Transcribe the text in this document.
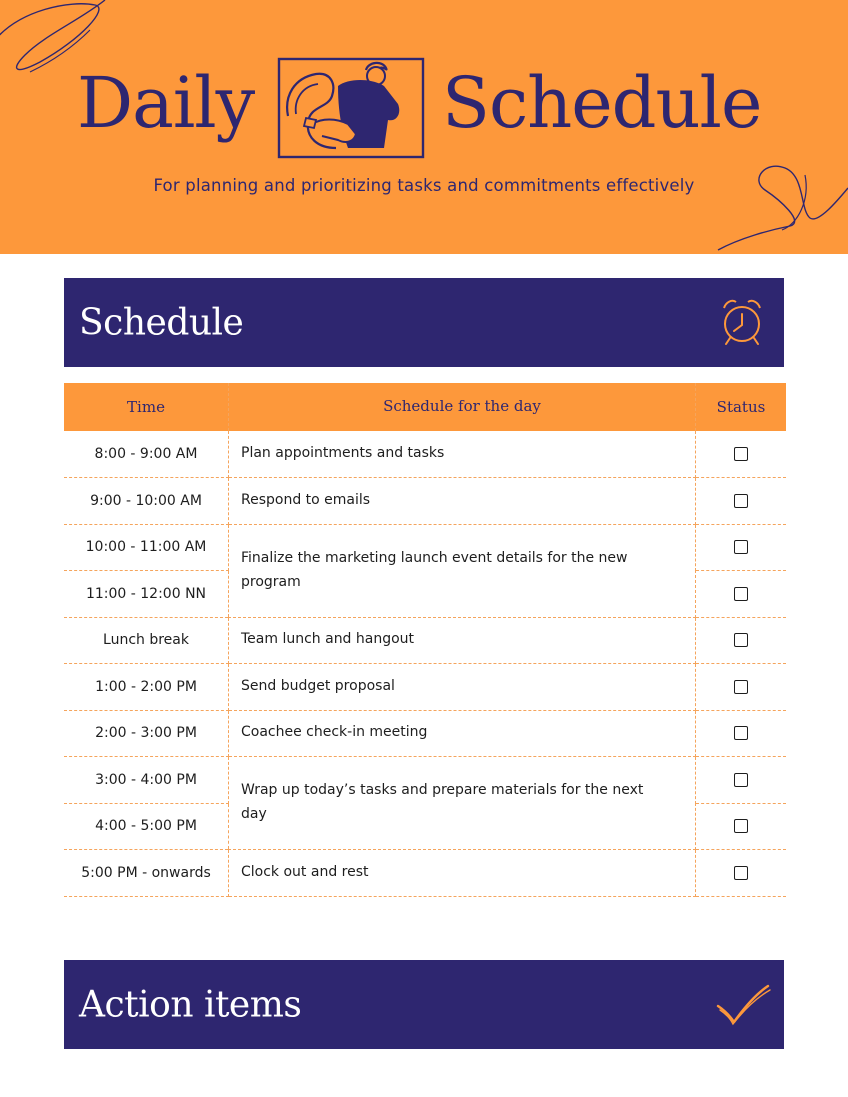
Daily	Schedule
For planning and prioritizing tasks and commitments effectively
Schedule
Time	Schedule for the day	Status
8:00 - 9:00 AM	Plan appointments and tasks	
9:00 - 10:00 AM	Respond to emails	
10:00 - 11:00 AM	Finalize the marketing launch event details for the new program	
11:00 - 12:00 NN		
Lunch break	Team lunch and hangout	
1:00 - 2:00 PM	Send budget proposal	
2:00 - 3:00 PM	Coachee check-in meeting	
3:00 - 4:00 PM	Wrap up today’s tasks and prepare materials for the next day	
4:00 - 5:00 PM		
5:00 PM - onwards	Clock out and rest	
Action items
